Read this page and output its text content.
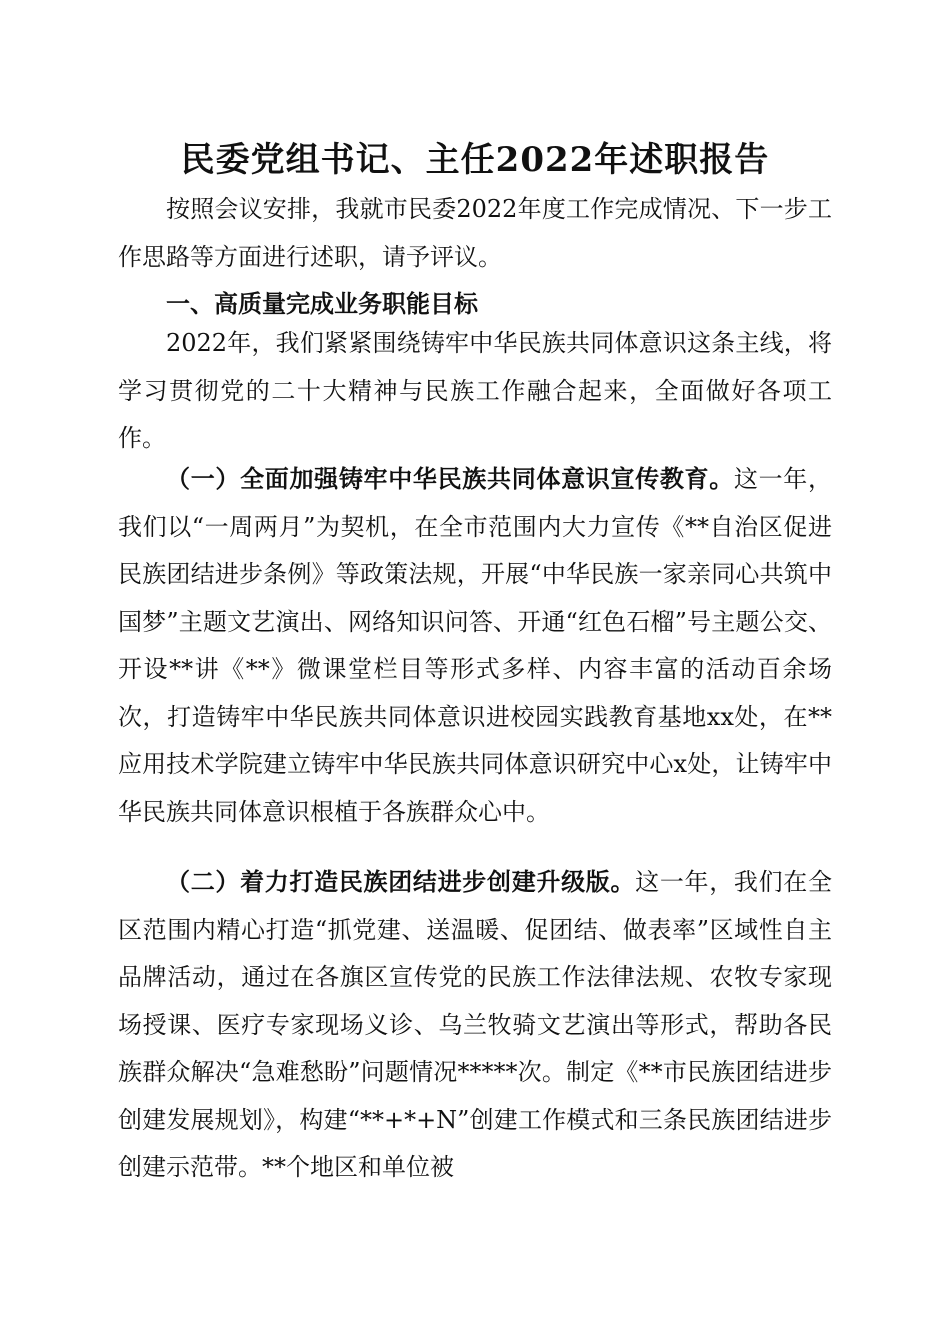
民委党组书记、主任2022年述职报告

按照会议安排，我就市民委2022年度工作完成情况、下一步工作思路等方面进行述职，请予评议。

一、高质量完成业务职能目标

2022年，我们紧紧围绕铸牢中华民族共同体意识这条主线，将学习贯彻党的二十大精神与民族工作融合起来，全面做好各项工作。

（一）全面加强铸牢中华民族共同体意识宣传教育。这一年，我们以“一周两月”为契机，在全市范围内大力宣传《**自治区促进民族团结进步条例》等政策法规，开展“中华民族一家亲同心共筑中国梦”主题文艺演出、网络知识问答、开通“红色石榴”号主题公交、开设**讲《**》微课堂栏目等形式多样、内容丰富的活动百余场次，打造铸牢中华民族共同体意识进校园实践教育基地xx处，在**应用技术学院建立铸牢中华民族共同体意识研究中心x处，让铸牢中华民族共同体意识根植于各族群众心中。

（二）着力打造民族团结进步创建升级版。这一年，我们在全区范围内精心打造“抓党建、送温暖、促团结、做表率”区域性自主品牌活动，通过在各旗区宣传党的民族工作法律法规、农牧专家现场授课、医疗专家现场义诊、乌兰牧骑文艺演出等形式，帮助各民族群众解决“急难愁盼”问题情况*****次。制定《**市民族团结进步创建发展规划》，构建“**+*+N”创建工作模式和三条民族团结进步创建示范带。**个地区和单位被
